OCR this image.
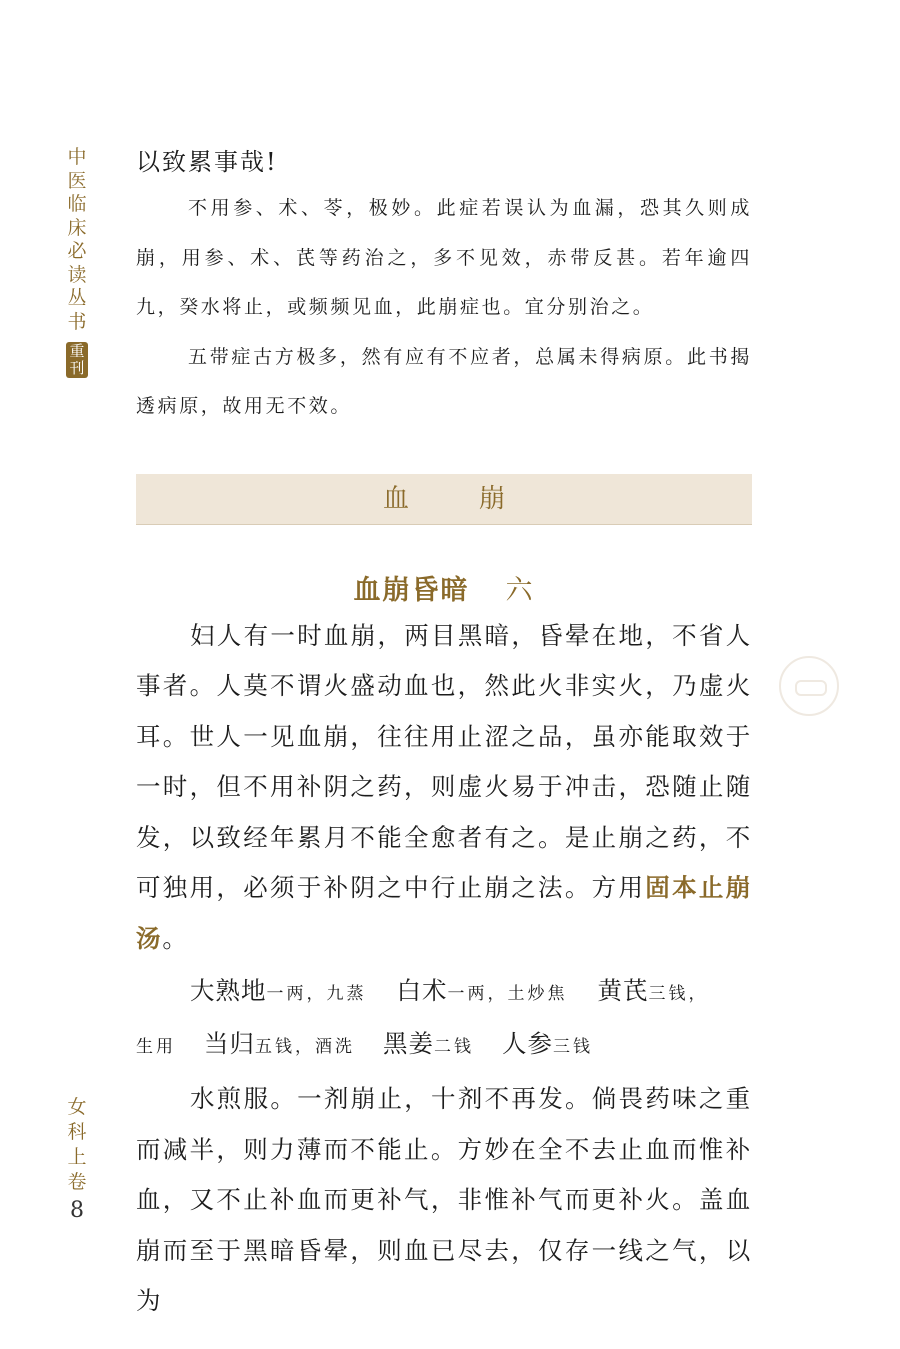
中
医
临
床
必
读
丛
书
重
刊
女
科
上
卷
8
以致累事哉!

不用参、术、苓，极妙。此症若误认为血漏，恐其久则成崩，用参、术、芪等药治之，多不见效，赤带反甚。若年逾四九，癸水将止，或频频见血，此崩症也。宜分别治之。

五带症古方极多，然有应有不应者，总属未得病原。此书揭透病原，故用无不效。

血崩
血崩昏暗 六

妇人有一时血崩，两目黑暗，昏晕在地，不省人事者。人莫不谓火盛动血也，然此火非实火，乃虚火耳。世人一见血崩，往往用止涩之品，虽亦能取效于一时，但不用补阴之药，则虚火易于冲击，恐随止随发，以致经年累月不能全愈者有之。是止崩之药，不可独用，必须于补阴之中行止崩之法。方用固本止崩汤。

大熟地一两，九蒸 白术一两，土炒焦 黄芪三钱，
生用 当归五钱，酒洗 黑姜二钱 人参三钱

水煎服。一剂崩止，十剂不再发。倘畏药味之重而减半，则力薄而不能止。方妙在全不去止血而惟补血，又不止补血而更补气，非惟补气而更补火。盖血崩而至于黑暗昏晕，则血已尽去，仅存一线之气，以为
